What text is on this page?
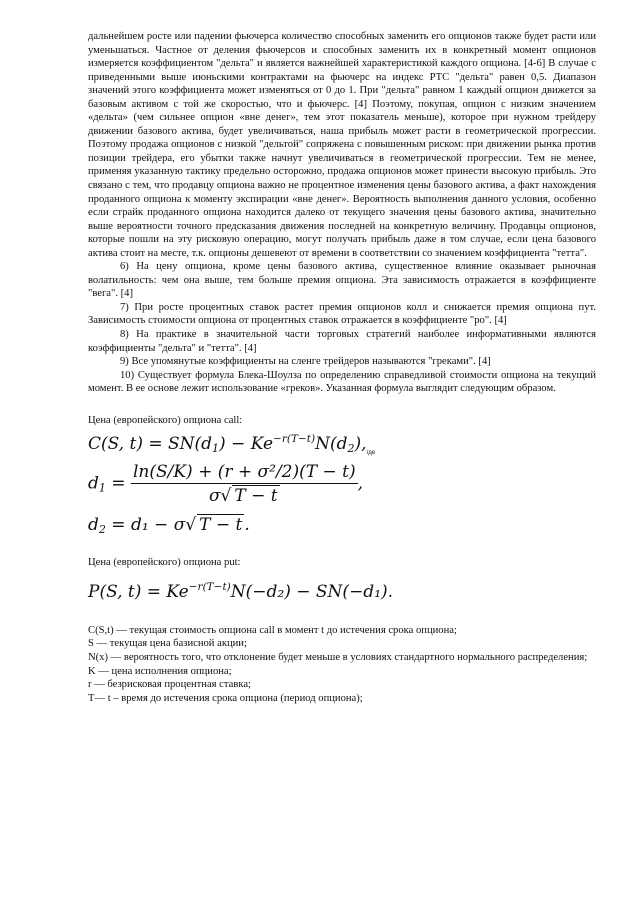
дальнейшем росте или падении фьючерса количество способных заменить его опционов также будет расти или уменьшаться. Частное от деления фьючерсов и способных заменить их в конкретный момент опционов измеряется коэффициентом "дельта" и является важнейшей характеристикой каждого опциона. [4-6] В случае с приведенными выше июньскими контрактами на фьючерс на индекс РТС "дельта" равен 0,5. Диапазон значений этого коэффициента может изменяться от 0 до 1. При "дельта" равном 1 каждый опцион движется за базовым активом с той же скоростью, что и фьючерс. [4] Поэтому, покупая, опцион с низким значением «дельта» (чем сильнее опцион «вне денег», тем этот показатель меньше), которое при нужном трейдеру движении базового актива, будет увеличиваться, наша прибыль может расти в геометрической прогрессии. Поэтому продажа опционов с низкой "дельтой" сопряжена с повышенным риском: при движении рынка против позиции трейдера, его убытки также начнут увеличиваться в геометрической прогрессии. Тем не менее, применяя указанную тактику предельно осторожно, продажа опционов может принести высокую прибыль. Это связано с тем, что продавцу опциона важно не процентное изменения цены базового актива, а факт нахождения проданного опциона к моменту экспирации «вне денег». Вероятность выполнения данного условия, особенно если страйк проданного опциона находится далеко от текущего значения цены базового актива, значительно выше вероятности точного предсказания движения последней на конкретную величину. Продавцы опционов, которые пошли на эту рисковую операцию, могут получать прибыль даже в том случае, если цена базового актива стоит на месте, т.к. опционы дешевеют от времени в соответствии со значением коэффициента "тетта".

6) На цену опциона, кроме цены базового актива, существенное влияние оказывает рыночная волатильность: чем она выше, тем больше премия опциона. Эта зависимость отражается в коэффициенте "вега". [4]

7) При росте процентных ставок растет премия опционов колл и снижается премия опциона пут. Зависимость стоимости опциона от процентных ставок отражается в коэффициенте "ро". [4]

8) На практике в значительной части торговых стратегий наиболее информативными являются коэффициенты "дельта" и "тетта". [4]

9) Все упомянутые коэффициенты на сленге трейдеров называются "греками". [4]

10) Существует формула Блека-Шоулза по определению справедливой стоимости опциона на текущий момент. В ее основе лежит использование «греков». Указанная формула выглядит следующим образом.

Цена (европейского) опциона call:

C(S, $t) = SN(d_1) - Ke^{-r(T-t)}N(d_2),_{где}$
$d_1 = \frac{\text{ln(S/K) + (r + σ²/2)(T − t)}}{\sigma√ T - t}$ ,
$d_2 = d_1 - \sigma√$ T − t .

Цена (европейского) опциона put:

P(S, $t) = Ke^{-r(T-t)}N(-d_2) - SN(-d_1)$.

C(S,t) — текущая стоимость опциона call в момент t до истечения срока опциона;

S — текущая цена базисной акции;

N(x) — вероятность того, что отклонение будет меньше в условиях стандартного нормального распределения;

K — цена исполнения опциона;

r — безрисковая процентная ставка;

T— t – время до истечения срока опциона (период опциона);
